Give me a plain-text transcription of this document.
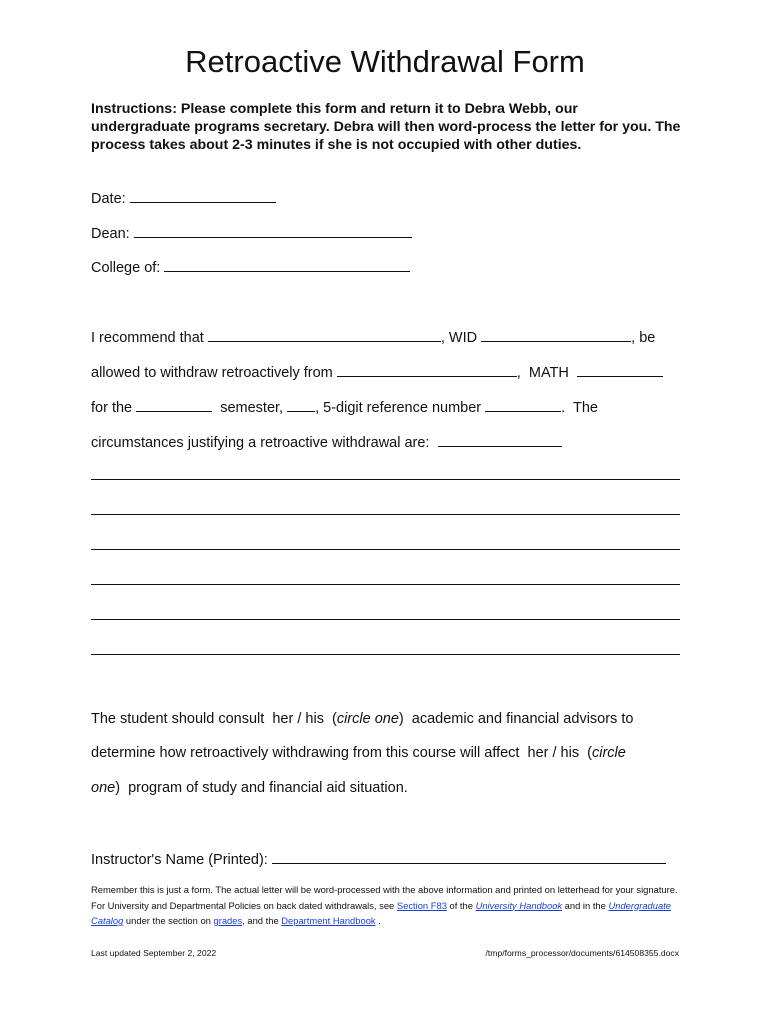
Retroactive Withdrawal Form
Instructions: Please complete this form and return it to Debra Webb, our undergraduate programs secretary. Debra will then word-process the letter for you. The process takes about 2-3 minutes if she is not occupied with other duties.
Date:
Dean:
College of:
I recommend that	, WID	, be
allowed to withdraw retroactively from	,  MATH
for the	semester, , 5-digit reference number	.  The
circumstances justifying a retroactive withdrawal are:
The student should consult  her / his  (circle one)  academic and financial advisors to
determine how retroactively withdrawing from this course will affect  her / his  (circle
one)  program of study and financial aid situation.
Instructor's Name (Printed):
Remember this is just a form. The actual letter will be word-processed with the above information and printed on letterhead for your signature. For University and Departmental Policies on back dated withdrawals, see Section F83 of the University Handbook and in the Undergraduate Catalog under the section on grades, and the Department Handbook .
Last updated September 2, 2022	/tmp/forms_processor/documents/614508355.docx
